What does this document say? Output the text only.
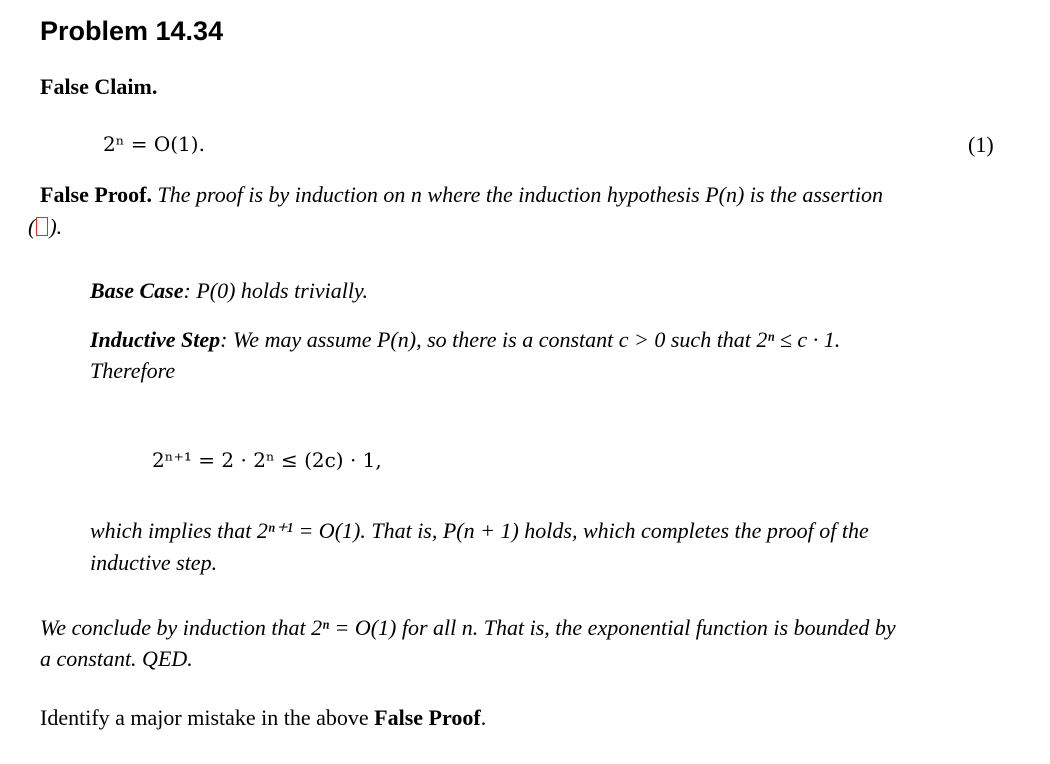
Problem 14.34
False Claim.
2ⁿ = O(1).	(1)
False Proof. The proof is by induction on n where the induction hypothesis P(n) is the assertion
( ).
Base Case: P(0) holds trivially.
Inductive Step: We may assume P(n), so there is a constant c > 0 such that 2ⁿ ≤ c · 1.
Therefore
2ⁿ⁺¹ = 2 · 2ⁿ ≤ (2c) · 1,
which implies that 2ⁿ⁺¹ = O(1). That is, P(n + 1) holds, which completes the proof of the
inductive step.
We conclude by induction that 2ⁿ = O(1) for all n. That is, the exponential function is bounded by
a constant. QED.
Identify a major mistake in the above False Proof.
